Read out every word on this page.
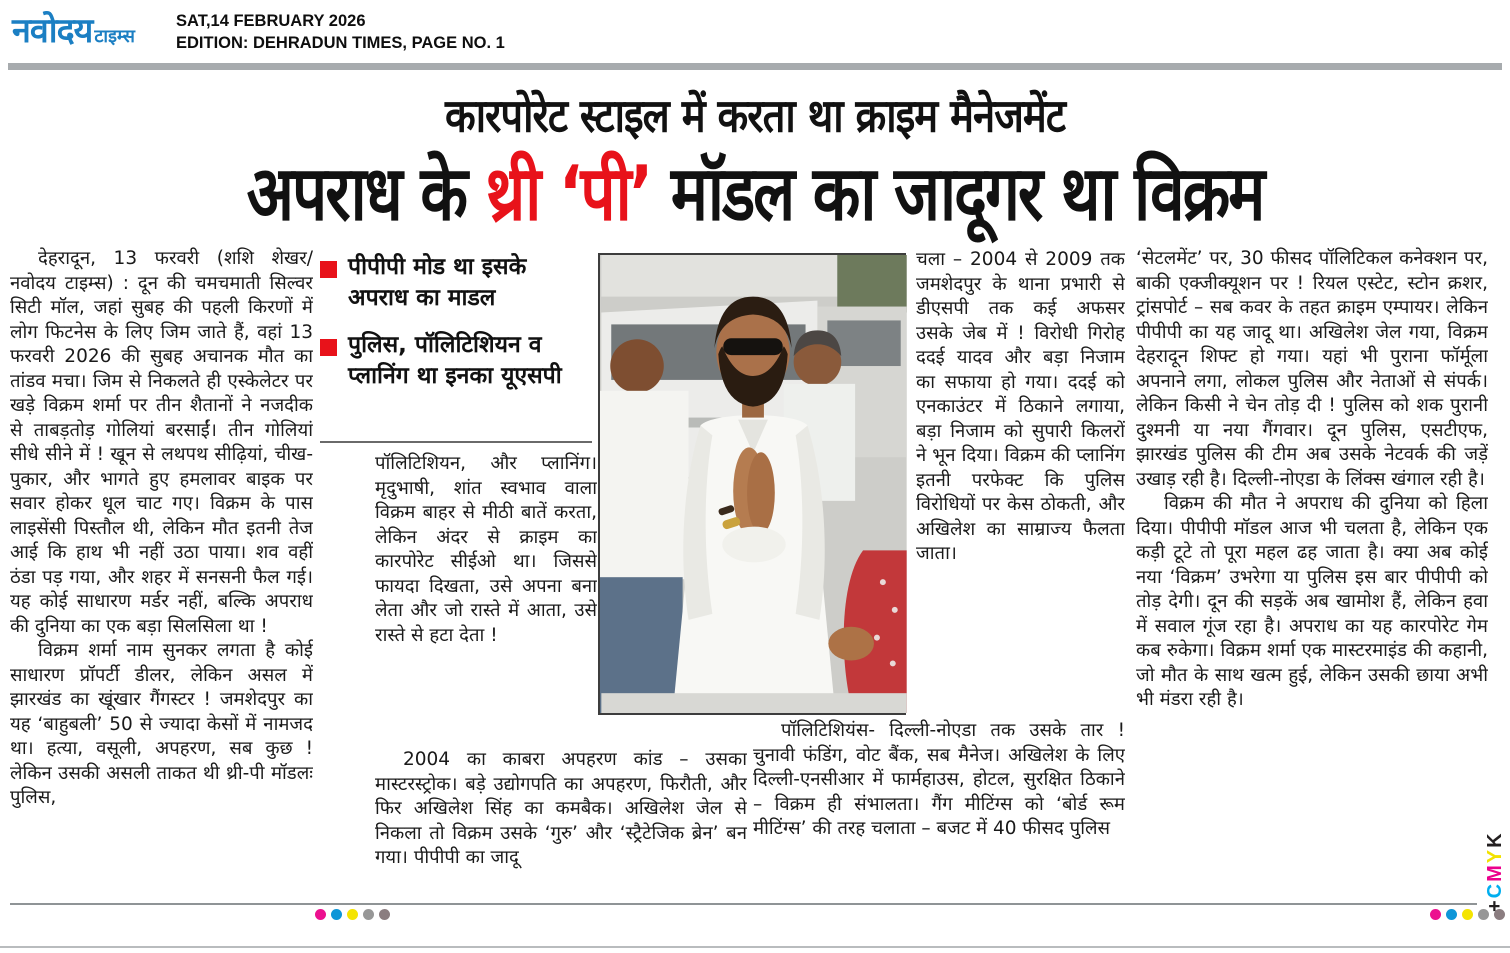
नवोदय टाइम्स
SAT,14 FEBRUARY 2026
EDITION: DEHRADUN TIMES, PAGE NO. 1
कारपोरेट स्टाइल में करता था क्राइम मैनेजमेंट
अपराध के थ्री ‘पी’ मॉडल का जादूगर था विक्रम

देहरादून, 13 फरवरी (शशि शेखर/ नवोदय टाइम्स) : दून की चमचमाती सिल्वर सिटी मॉल, जहां सुबह की पहली किरणों में लोग फिटनेस के लिए जिम जाते हैं, वहां 13 फरवरी 2026 की सुबह अचानक मौत का तांडव मचा। जिम से निकलते ही एस्केलेटर पर खड़े विक्रम शर्मा पर तीन शैतानों ने नजदीक से ताबड़तोड़ गोलियां बरसाईं। तीन गोलियां सीधे सीने में ! खून से लथपथ सीढ़ियां, चीख-पुकार, और भागते हुए हमलावर बाइक पर सवार होकर धूल चाट गए। विक्रम के पास लाइसेंसी पिस्तौल थी, लेकिन मौत इतनी तेज आई कि हाथ भी नहीं उठा पाया। शव वहीं ठंडा पड़ गया, और शहर में सनसनी फैल गई। यह कोई साधारण मर्डर नहीं, बल्कि अपराध की दुनिया का एक बड़ा सिलसिला था !

विक्रम शर्मा नाम सुनकर लगता है कोई साधारण प्रॉपर्टी डीलर, लेकिन असल में झारखंड का खूंखार गैंगस्टर ! जमशेदपुर का यह ‘बाहुबली’ 50 से ज्यादा केसों में नामजद था। हत्या, वसूली, अपहरण, सब कुछ ! लेकिन उसकी असली ताकत थी थ्री-पी मॉडलः पुलिस,

पीपीपी मोड था इसके अपराध का माडल
पुलिस, पॉलिटिशियन व प्लानिंग था इनका यूएसपी

पॉलिटिशियन, और प्लानिंग। मृदुभाषी, शांत स्वभाव वाला विक्रम बाहर से मीठी बातें करता, लेकिन अंदर से क्राइम का कारपोरेट सीईओ था। जिससे फायदा दिखता, उसे अपना बना लेता और जो रास्ते में आता, उसे रास्ते से हटा देता !

चला – 2004 से 2009 तक जमशेदपुर के थाना प्रभारी से डीएसपी तक कई अफसर उसके जेब में ! विरोधी गिरोह ददई यादव और बड़ा निजाम का सफाया हो गया। ददई को एनकाउंटर में ठिकाने लगाया, बड़ा निजाम को सुपारी किलरों ने भून दिया। विक्रम की प्लानिंग इतनी परफेक्ट कि पुलिस विरोधियों पर केस ठोकती, और अखिलेश का साम्राज्य फैलता जाता।

2004 का काबरा अपहरण कांड – उसका मास्टरस्ट्रोक। बड़े उद्योगपति का अपहरण, फिरौती, और फिर अखिलेश सिंह का कमबैक। अखिलेश जेल से निकला तो विक्रम उसके ‘गुरु’ और ‘स्ट्रैटेजिक ब्रेन’ बन गया। पीपीपी का जादू

पॉलिटिशियंस- दिल्ली-नोएडा तक उसके तार ! चुनावी फंडिंग, वोट बैंक, सब मैनेज। अखिलेश के लिए दिल्ली-एनसीआर में फार्महाउस, होटल, सुरक्षित ठिकाने – विक्रम ही संभालता। गैंग मीटिंग्स को ‘बोर्ड रूम मीटिंग्स’ की तरह चलाता – बजट में 40 फीसद पुलिस

‘सेटलमेंट’ पर, 30 फीसद पॉलिटिकल कनेक्शन पर, बाकी एक्जीक्यूशन पर ! रियल एस्टेट, स्टोन क्रशर, ट्रांसपोर्ट – सब कवर के तहत क्राइम एम्पायर। लेकिन पीपीपी का यह जादू था। अखिलेश जेल गया, विक्रम देहरादून शिफ्ट हो गया। यहां भी पुराना फॉर्मूला अपनाने लगा, लोकल पुलिस और नेताओं से संपर्क। लेकिन किसी ने चेन तोड़ दी ! पुलिस को शक पुरानी दुश्मनी या नया गैंगवार। दून पुलिस, एसटीएफ, झारखंड पुलिस की टीम अब उसके नेटवर्क की जड़ें उखाड़ रही है। दिल्ली-नोएडा के लिंक्स खंगाल रही है।

विक्रम की मौत ने अपराध की दुनिया को हिला दिया। पीपीपी मॉडल आज भी चलता है, लेकिन एक कड़ी टूटे तो पूरा महल ढह जाता है। क्या अब कोई नया ‘विक्रम’ उभरेगा या पुलिस इस बार पीपीपी को तोड़ देगी। दून की सड़कें अब खामोश हैं, लेकिन हवा में सवाल गूंज रहा है। अपराध का यह कारपोरेट गेम कब रुकेगा। विक्रम शर्मा एक मास्टरमाइंड की कहानी, जो मौत के साथ खत्म हुई, लेकिन उसकी छाया अभी भी मंडरा रही है।

+CMYK
